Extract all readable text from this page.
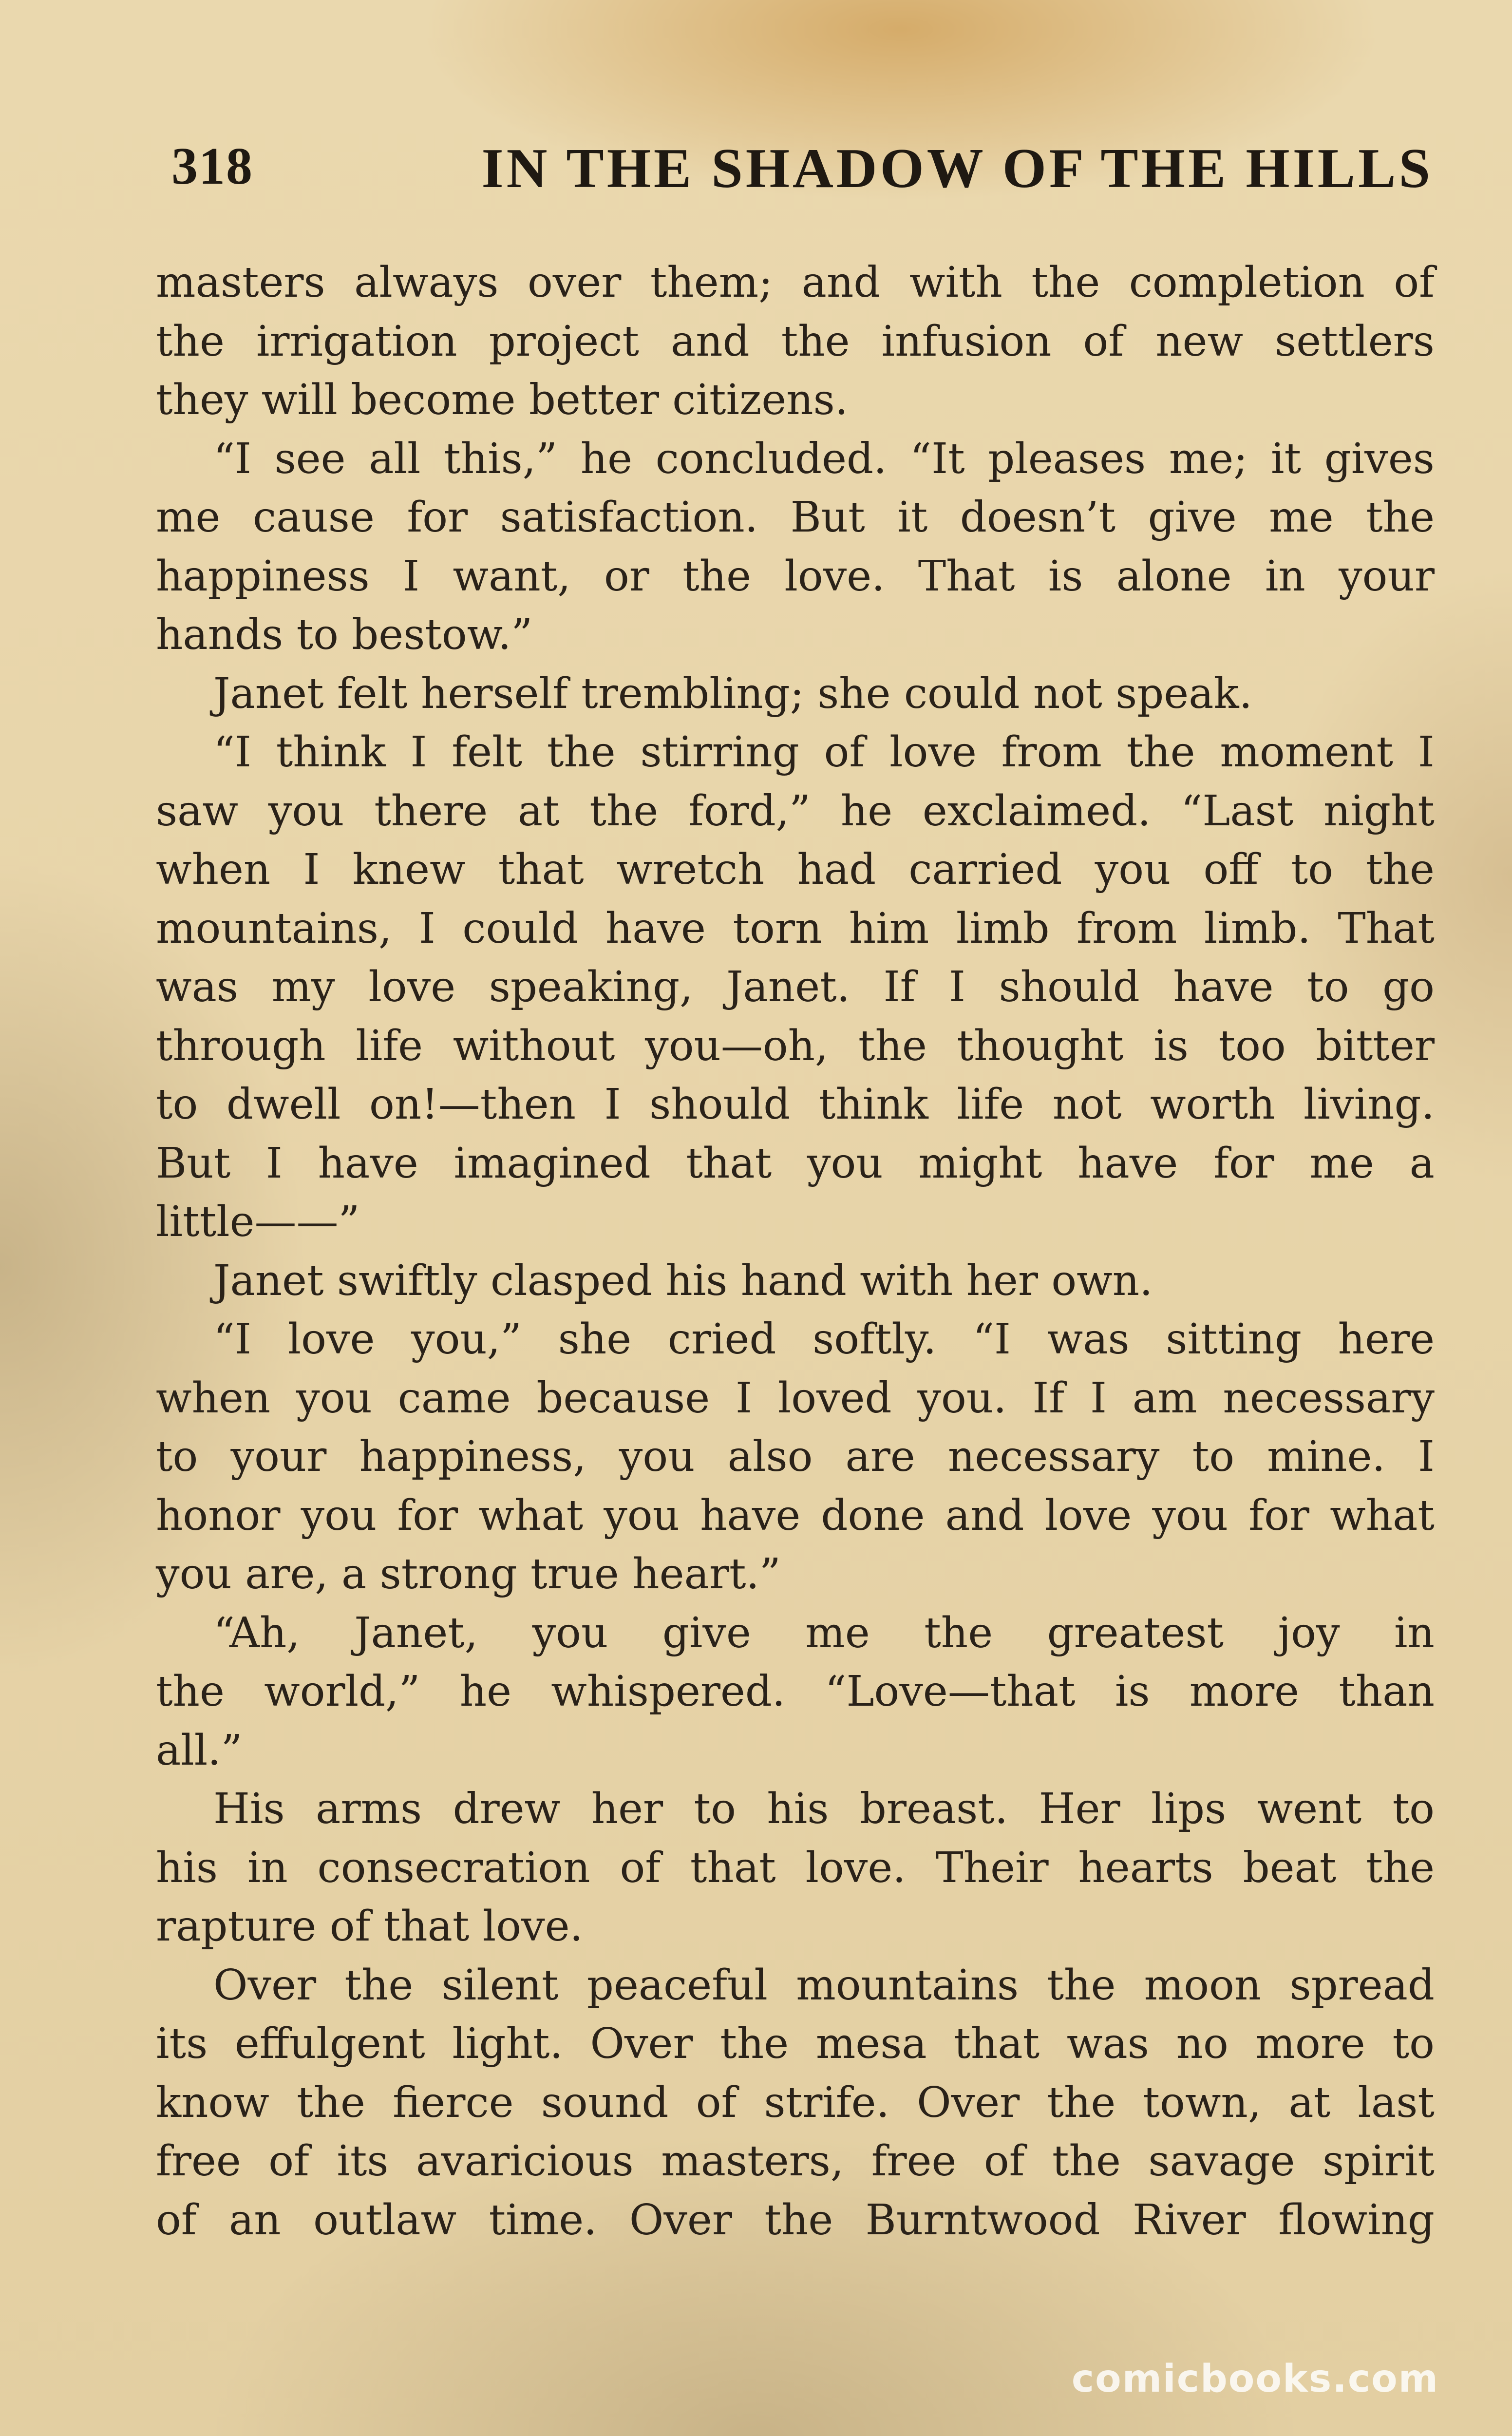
318	IN THE SHADOW OF THE HILLS
masters always over them; and with the completion of
the irrigation project and the infusion of new settlers
they will become better citizens.
“I see all this,” he concluded. “It pleases me; it gives
me cause for satisfaction. But it doesn’t give me the
happiness I want, or the love. That is alone in your
hands to bestow.”
Janet felt herself trembling; she could not speak.
“I think I felt the stirring of love from the moment I
saw you there at the ford,” he exclaimed. “Last night
when I knew that wretch had carried you off to the
mountains, I could have torn him limb from limb. That
was my love speaking, Janet. If I should have to go
through life without you—oh, the thought is too bitter
to dwell on!—then I should think life not worth living.
But I have imagined that you might have for me a
little——”
Janet swiftly clasped his hand with her own.
“I love you,” she cried softly. “I was sitting here
when you came because I loved you. If I am necessary
to your happiness, you also are necessary to mine. I
honor you for what you have done and love you for what
you are, a strong true heart.”
“Ah, Janet, you give me the greatest joy in
the world,” he whispered. “Love—that is more than
all.”
His arms drew her to his breast. Her lips went to
his in consecration of that love. Their hearts beat the
rapture of that love.
Over the silent peaceful mountains the moon spread
its effulgent light. Over the mesa that was no more to
know the fierce sound of strife. Over the town, at last
free of its avaricious masters, free of the savage spirit
of an outlaw time. Over the Burntwood River flowing
comicbooks.com
